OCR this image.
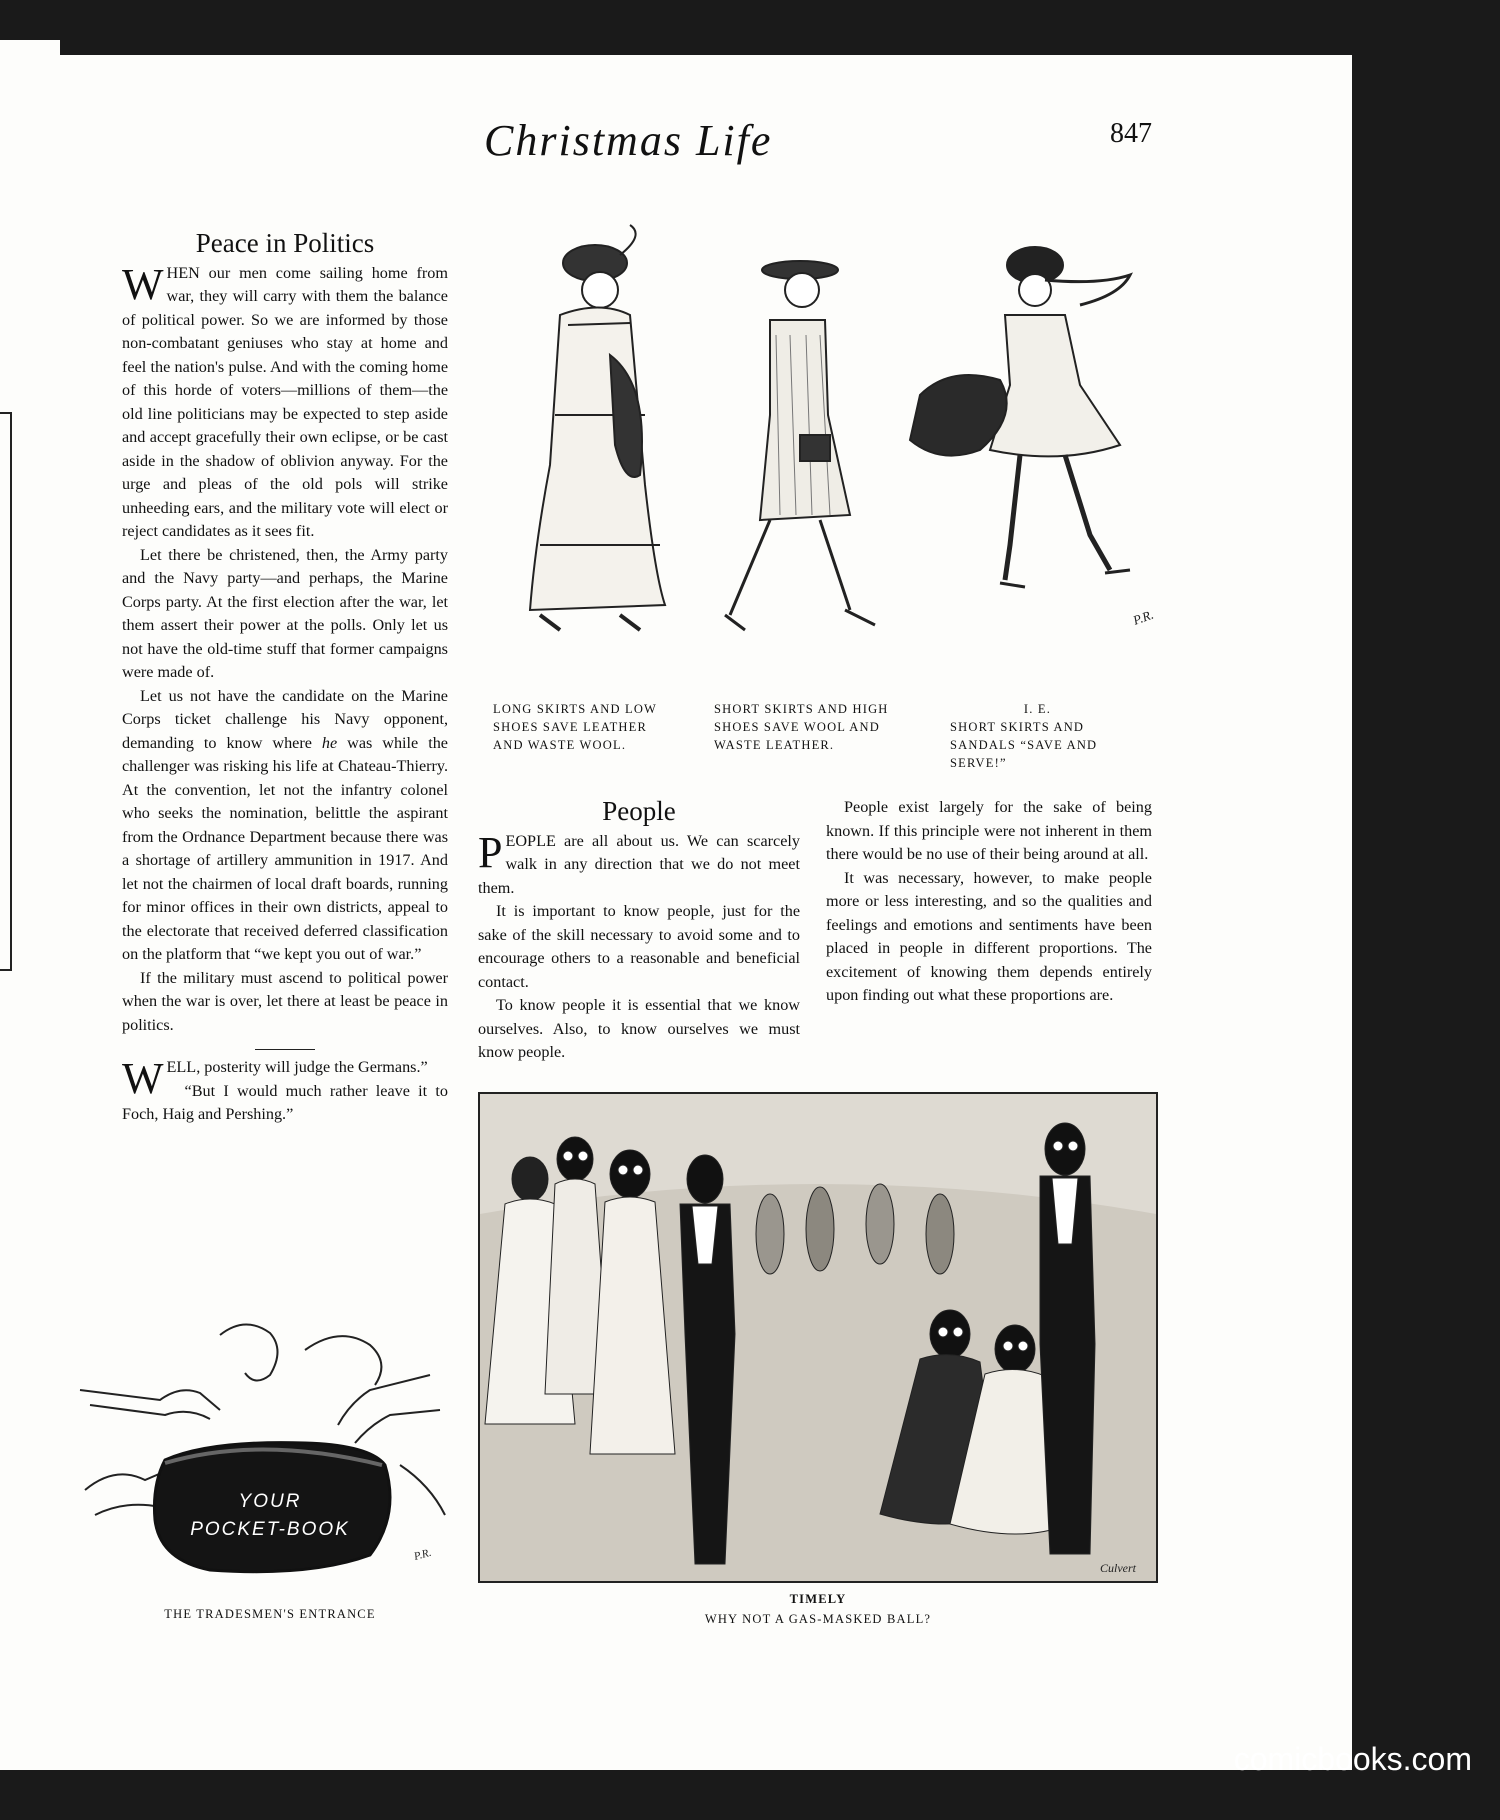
Christmas Life	847
Peace in Politics

WHEN our men come sailing home from war, they will carry with them the balance of political power. So we are informed by those non-combatant geniuses who stay at home and feel the nation's pulse. And with the coming home of this horde of voters—millions of them—the old line politicians may be expected to step aside and accept gracefully their own eclipse, or be cast aside in the shadow of oblivion anyway. For the urge and pleas of the old pols will strike unheeding ears, and the military vote will elect or reject candidates as it sees fit.

Let there be christened, then, the Army party and the Navy party—and perhaps, the Marine Corps party. At the first election after the war, let them assert their power at the polls. Only let us not have the old-time stuff that former campaigns were made of.

Let us not have the candidate on the Marine Corps ticket challenge his Navy opponent, demanding to know where he was while the challenger was risking his life at Chateau-Thierry. At the convention, let not the infantry colonel who seeks the nomination, belittle the aspirant from the Ordnance Department because there was a shortage of artillery ammunition in 1917. And let not the chairmen of local draft boards, running for minor offices in their own districts, appeal to the electorate that received deferred classification on the platform that “we kept you out of war.”

If the military must ascend to political power when the war is over, let there at least be peace in politics.

WELL, posterity will judge the Germans.”

“But I would much rather leave it to Foch, Haig and Pershing.”

YOUR
POCKET-BOOK
P.R.
THE TRADESMEN'S ENTRANCE
P.R.
LONG SKIRTS AND LOW SHOES SAVE LEATHER AND WASTE WOOL.
SHORT SKIRTS AND HIGH SHOES SAVE WOOL AND WASTE LEATHER.
I. E.
SHORT SKIRTS AND SANDALS “SAVE AND SERVE!”
People

PEOPLE are all about us. We can scarcely walk in any direction that we do not meet them.

It is important to know people, just for the sake of the skill necessary to avoid some and to encourage others to a reasonable and beneficial contact.

To know people it is essential that we know ourselves. Also, to know ourselves we must know people.

People exist largely for the sake of being known. If this principle were not inherent in them there would be no use of their being around at all.

It was necessary, however, to make people more or less interesting, and so the qualities and feelings and emotions and sentiments have been placed in people in different proportions. The excitement of knowing them depends entirely upon finding out what these proportions are.

Culvert
TIMELY
WHY NOT A GAS-MASKED BALL?
comicbooks.com
